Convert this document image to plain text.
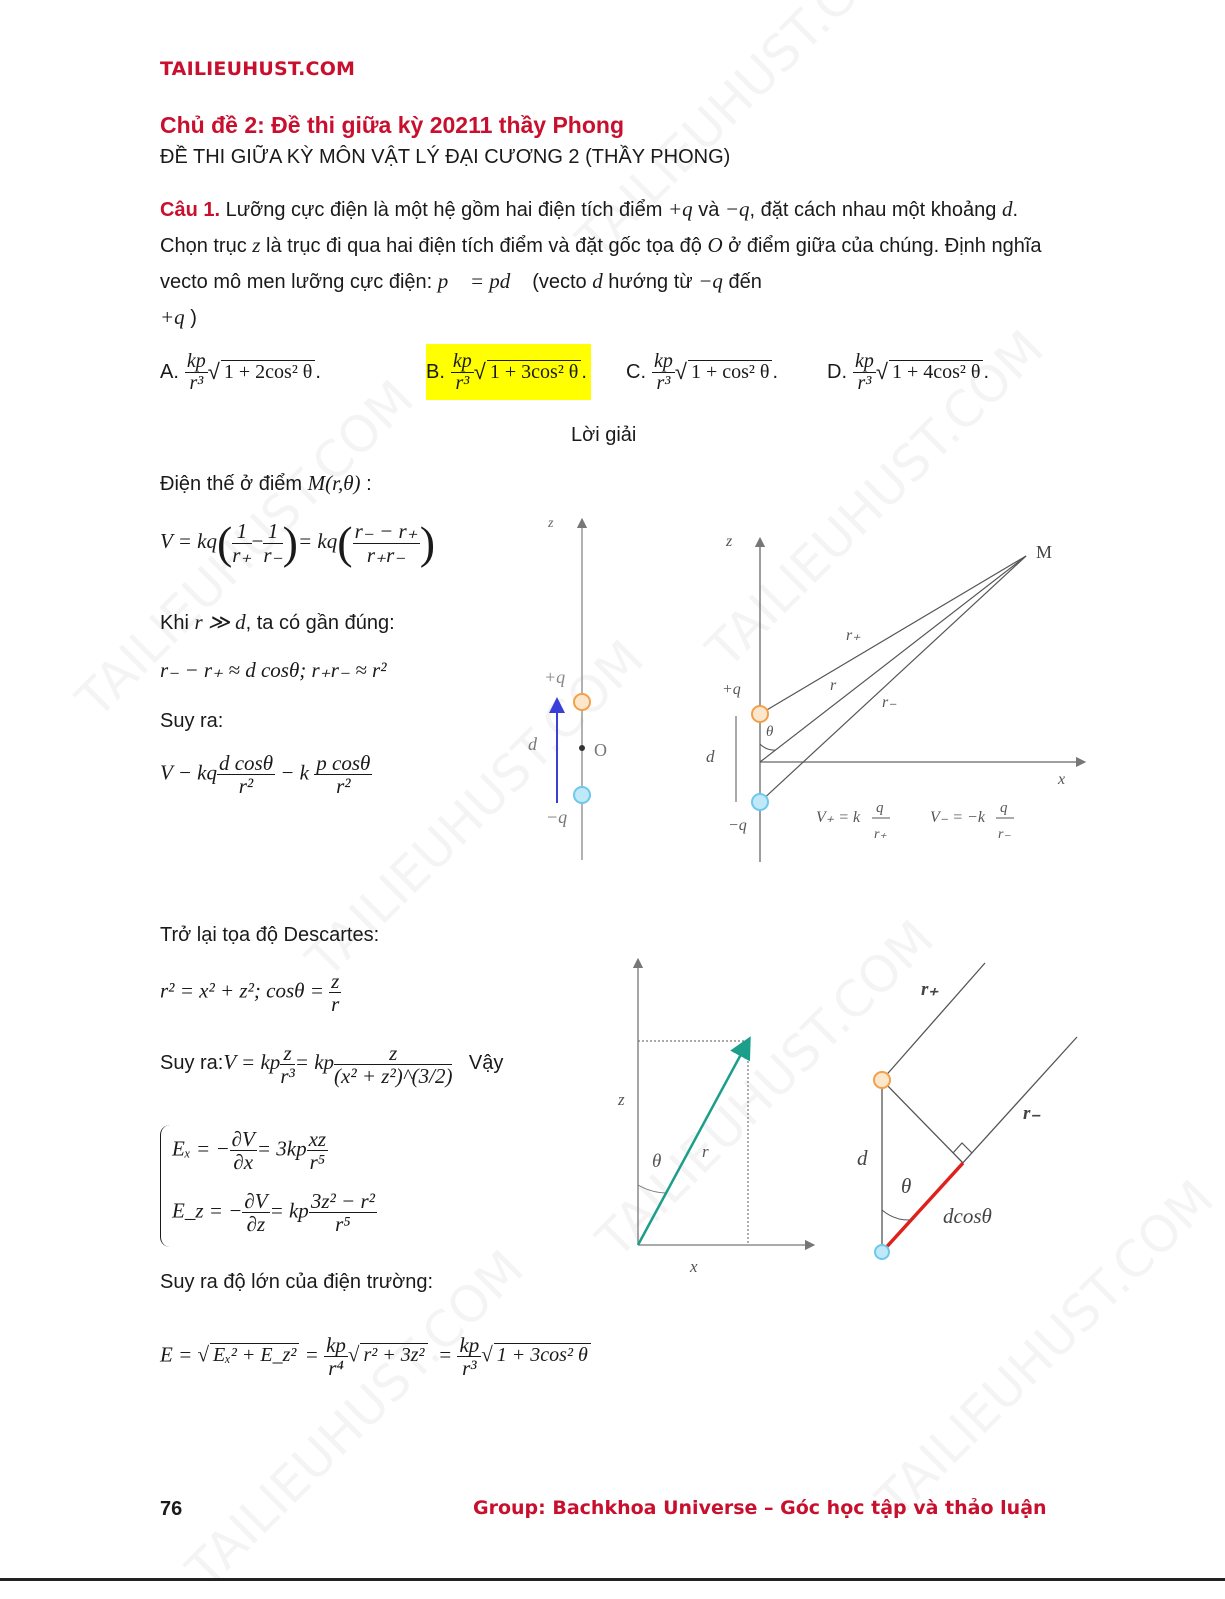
TAILIEUHUST.COM
Chủ đề 2: Đề thi giữa kỳ 20211 thầy Phong
ĐỀ THI GIỮA KỲ MÔN VẬT LÝ ĐẠI CƯƠNG 2 (THẦY PHONG)
Câu 1. Lưỡng cực điện là một hệ gồm hai điện tích điểm +q và −q, đặt cách nhau một khoảng d. Chọn trục z là trục đi qua hai điện tích điểm và đặt gốc tọa độ O ở điểm giữa của chúng. Định nghĩa vecto mô men lưỡng cực điện: p⃗ = pd⃗ (vecto d hướng từ −q đến
+q )
A. $\frac{kp}{\text{r³}}$ √ 1 + 2cos² θ .	B. $\frac{kp}{\text{r³}}$ √ 1 + 3cos² θ . C. $\frac{kp}{\text{r³}}$ √ 1 + cos² θ . D. $\frac{kp}{\text{r³}}$ √ 1 + 4cos² θ .
Lời giải
Điện thế ở điểm M(r,θ) :
$V = kq( \frac{1}{r_+} - \frac{1}{r_-}$ )= $kq( \frac{r_- - r_+}{r_+r_-}$ )
Khi r ≫ d, ta có gần đúng:
r₋ − r₊ ≈ d cosθ; r₊r₋ ≈ r²
Suy ra:
V − kq $\frac{\text{d cosθ}}{\text{r²}} - k \frac{\text{p cosθ}}{\text{r²}}$
Trở lại tọa độ Descartes:
r² = x² + z²; $\cos\theta = \frac{z}{r}$
Suy ra:V = kp $\frac{z}{\text{r³}}$ = kp $\frac{z}{\text{(x² + z²)\textasciicircum{}(3/2)}}$ Vậy
Eₓ = − $\frac{\partial V}{\partial x} = 3kp \frac{xz}{\text{r⁵}}$
E_z = − $\frac{\partial V}{\partial z}$ = kp $\frac{\text{3z² − r²}}{\text{r⁵}}$
Suy ra độ lớn của điện trường:
E = √ Eₓ² + E_z² = $\frac{kp}{\text{r⁴}}$ √ $r^2 + 3z^2 = \frac{kp}{\text{r³}}$ √ 1 + 3cos² θ
z
+q
O
d
−q
z
M
r₊
r
r₋
+q
θ
d
−q
x
V₊ = k
q
r₊
V₋ = −k
q
r₋
z
x
θ r
r₊
r₋
d
θ
dcosθ
76	Group: Bachkhoa Universe – Góc học tập và thảo luận
